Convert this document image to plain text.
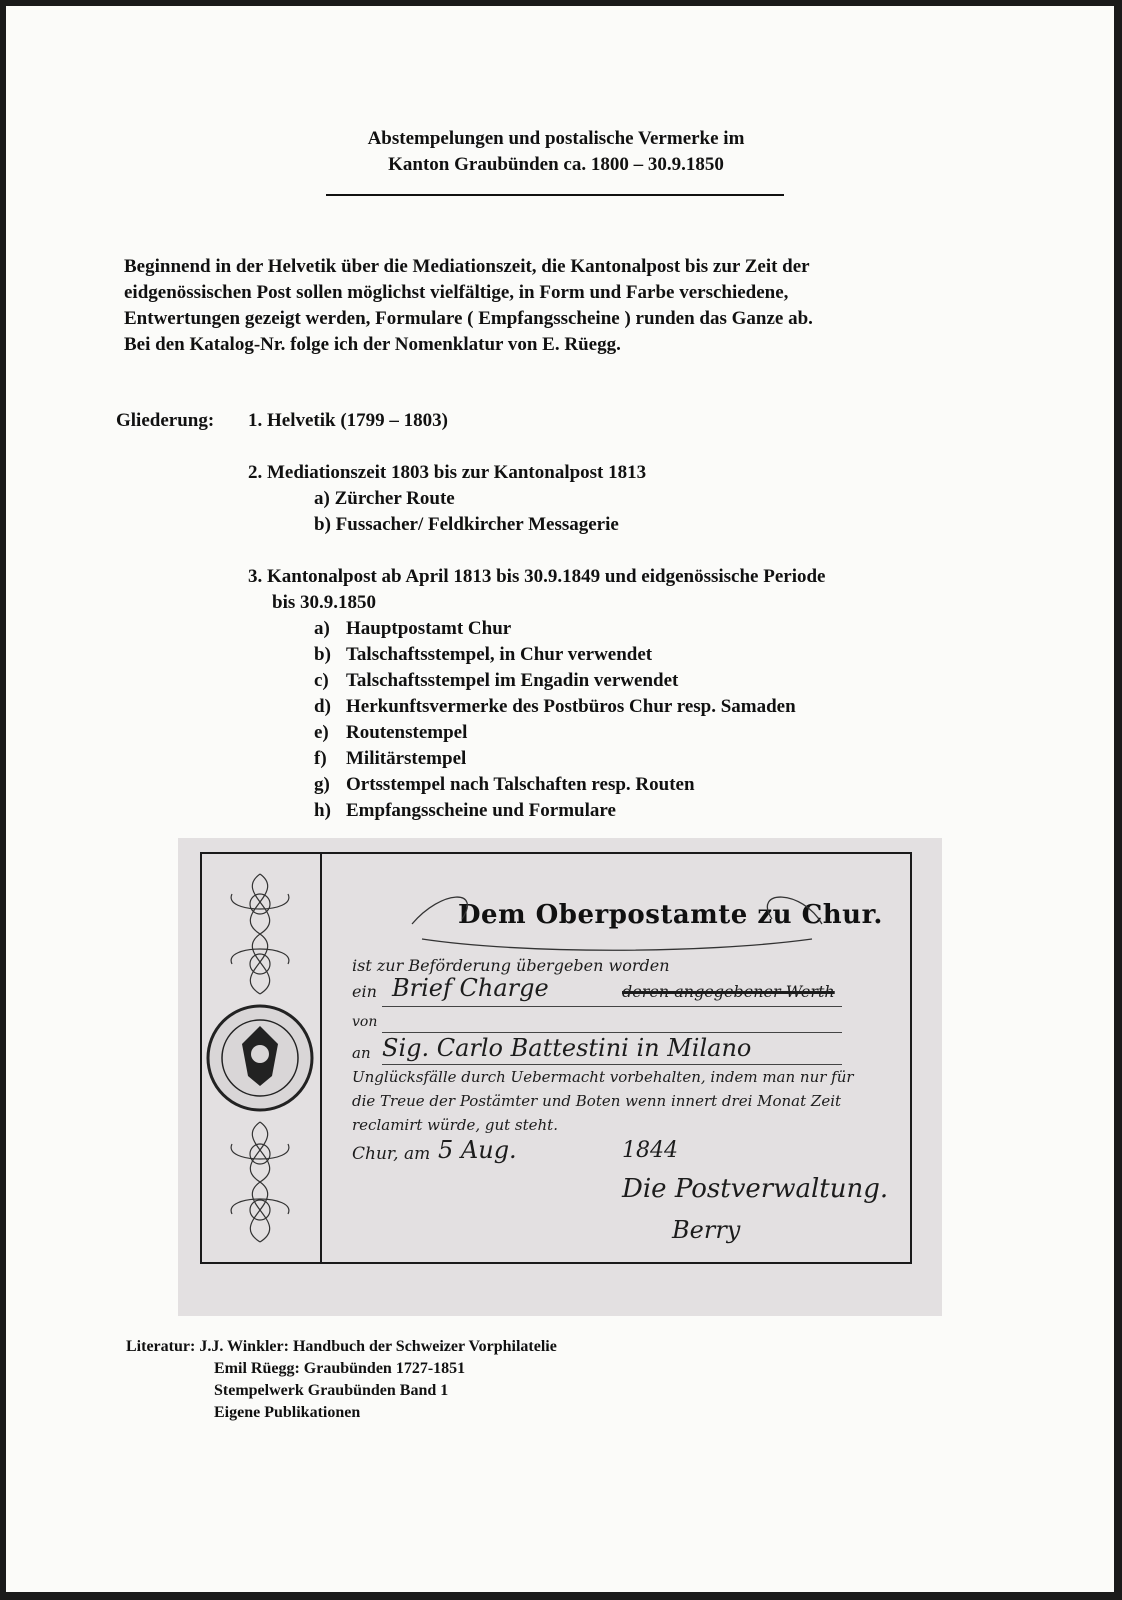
Abstempelungen und postalische Vermerke im
Kanton Graubünden ca. 1800 – 30.9.1850
Beginnend in der Helvetik über die Mediationszeit, die Kantonalpost bis zur Zeit der
eidgenössischen Post sollen möglichst vielfältige, in Form und Farbe verschiedene,
Entwertungen gezeigt werden, Formulare ( Empfangsscheine ) runden das Ganze ab.
Bei den Katalog-Nr. folge ich der Nomenklatur von E. Rüegg.
Gliederung: 1. Helvetik (1799 – 1803)
2. Mediationszeit 1803 bis zur Kantonalpost 1813
a) Zürcher Route
b) Fussacher/ Feldkircher Messagerie
3. Kantonalpost ab April 1813 bis 30.9.1849 und eidgenössische Periode
bis 30.9.1850
a) Hauptpostamt Chur
b) Talschaftsstempel, in Chur verwendet
c) Talschaftsstempel im Engadin verwendet
d) Herkunftsvermerke des Postbüros Chur resp. Samaden
e) Routenstempel
f) Militärstempel
g) Ortsstempel nach Talschaften resp. Routen
h) Empfangsscheine und Formulare
Dem Oberpostamte zu Chur.
ist zur Beförderung übergeben worden
ein Brief Charge	deren angegebener Werth
von
an Sig. Carlo Battestini in Milano
Unglücksfälle durch Uebermacht vorbehalten, indem man nur für
die Treue der Postämter und Boten wenn innert drei Monat Zeit
reclamirt würde, gut steht.
Chur, am 5 Aug.	1844
Die Postverwaltung.
Berry
Literatur: J.J. Winkler: Handbuch der Schweizer Vorphilatelie
Emil Rüegg: Graubünden 1727-1851
Stempelwerk Graubünden Band 1
Eigene Publikationen
